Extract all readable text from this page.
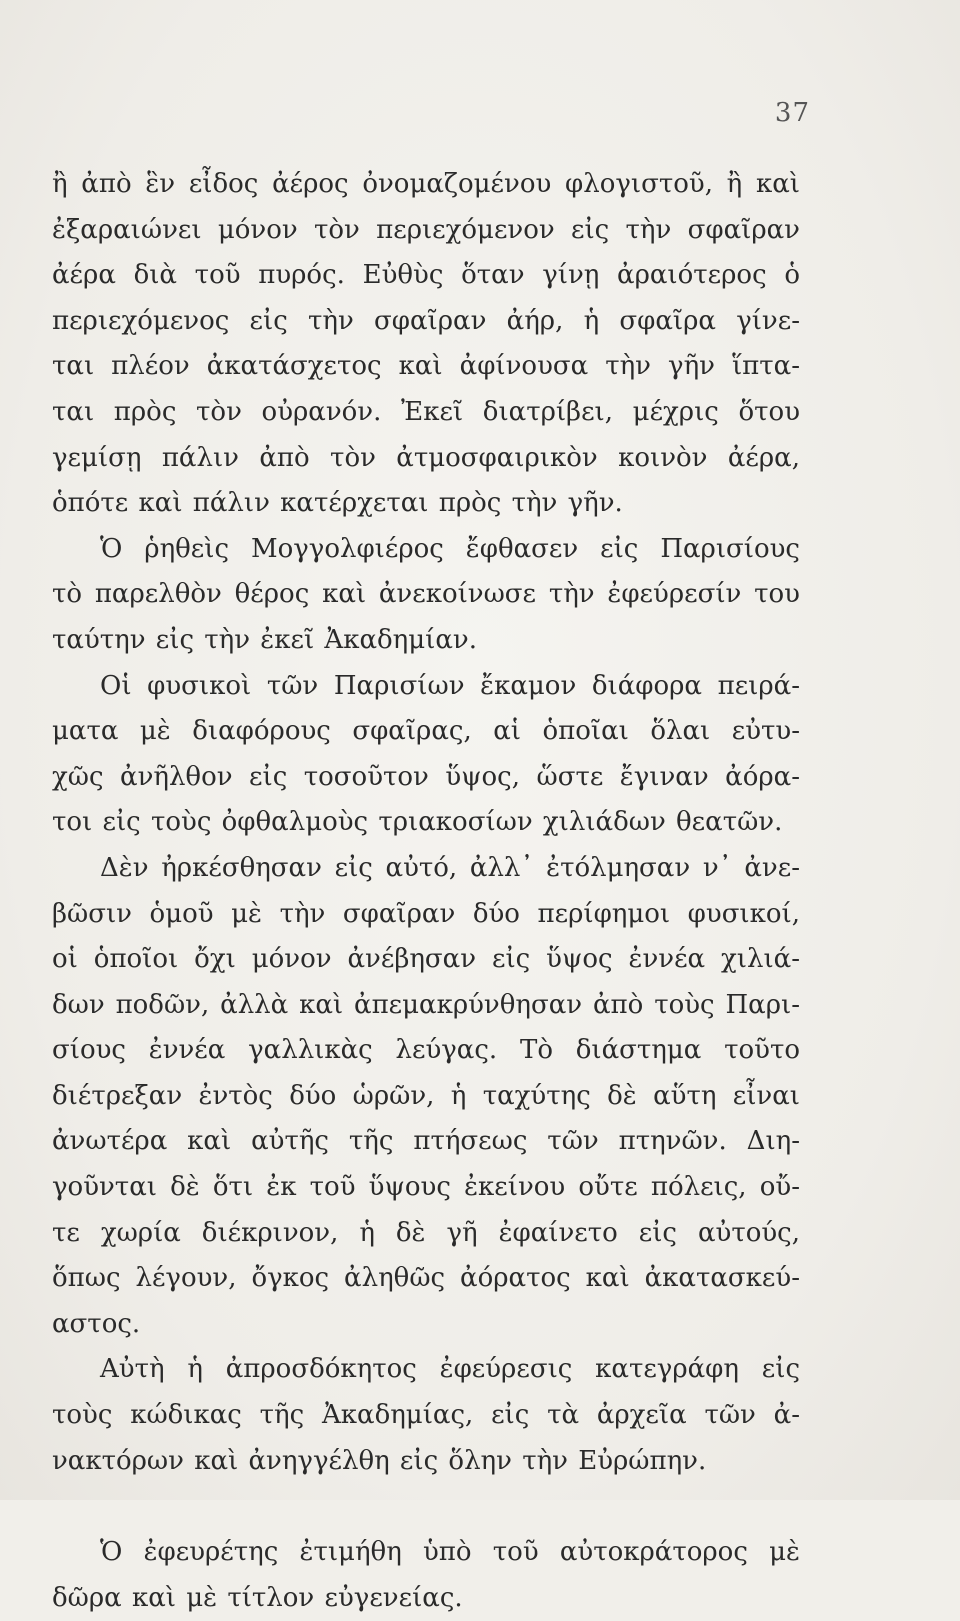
37
ἢ ἀπὸ ἓν εἶδος ἀέρος ὀνομαζομένου φλογιστοῦ, ἢ καὶ
ἐξαραιώνει μόνον τὸν περιεχόμενον εἰς τὴν σφαῖραν
ἀέρα διὰ τοῦ πυρός. Εὐθὺς ὅταν γίνῃ ἀραιότερος ὁ
περιεχόμενος εἰς τὴν σφαῖραν ἀήρ, ἡ σφαῖρα γίνε-
ται πλέον ἀκατάσχετος καὶ ἀφίνουσα τὴν γῆν ἵπτα-
ται πρὸς τὸν οὐρανόν. Ἐκεῖ διατρίβει, μέχρις ὅτου
γεμίσῃ πάλιν ἀπὸ τὸν ἀτμοσφαιρικὸν κοινὸν ἀέρα,
ὁπότε καὶ πάλιν κατέρχεται πρὸς τὴν γῆν.
Ὁ ῥηθεὶς Μογγολφιέρος ἔφθασεν εἰς Παρισίους
τὸ παρελθὸν θέρος καὶ ἀνεκοίνωσε τὴν ἐφεύρεσίν του
ταύτην εἰς τὴν ἐκεῖ Ἀκαδημίαν.
Οἱ φυσικοὶ τῶν Παρισίων ἔκαμον διάφορα πειρά-
ματα μὲ διαφόρους σφαῖρας, αἱ ὁποῖαι ὅλαι εὐτυ-
χῶς ἀνῆλθον εἰς τοσοῦτον ὕψος, ὥστε ἔγιναν ἀόρα-
τοι εἰς τοὺς ὀφθαλμοὺς τριακοσίων χιλιάδων θεατῶν.
Δὲν ἠρκέσθησαν εἰς αὐτό, ἀλλ᾽ ἐτόλμησαν ν᾽ ἀνε-
βῶσιν ὁμοῦ μὲ τὴν σφαῖραν δύο περίφημοι φυσικοί,
οἱ ὁποῖοι ὄχι μόνον ἀνέβησαν εἰς ὕψος ἐννέα χιλιά-
δων ποδῶν, ἀλλὰ καὶ ἀπεμακρύνθησαν ἀπὸ τοὺς Παρι-
σίους ἐννέα γαλλικὰς λεύγας. Τὸ διάστημα τοῦτο
διέτρεξαν ἐντὸς δύο ὡρῶν, ἡ ταχύτης δὲ αὕτη εἶναι
ἀνωτέρα καὶ αὐτῆς τῆς πτήσεως τῶν πτηνῶν. Διη-
γοῦνται δὲ ὅτι ἐκ τοῦ ὕψους ἐκείνου οὔτε πόλεις, οὔ-
τε χωρία διέκρινον, ἡ δὲ γῆ ἐφαίνετο εἰς αὐτούς,
ὅπως λέγουν, ὄγκος ἀληθῶς ἀόρατος καὶ ἀκατασκεύ-
αστος.
Αὐτὴ ἡ ἀπροσδόκητος ἐφεύρεσις κατεγράφη εἰς
τοὺς κώδικας τῆς Ἀκαδημίας, εἰς τὰ ἀρχεῖα τῶν ἀ-
νακτόρων καὶ ἀνηγγέλθη εἰς ὅλην τὴν Εὐρώπην.
Ὁ ἐφευρέτης ἐτιμήθη ὑπὸ τοῦ αὐτοκράτορος μὲ
δῶρα καὶ μὲ τίτλον εὐγενείας.
